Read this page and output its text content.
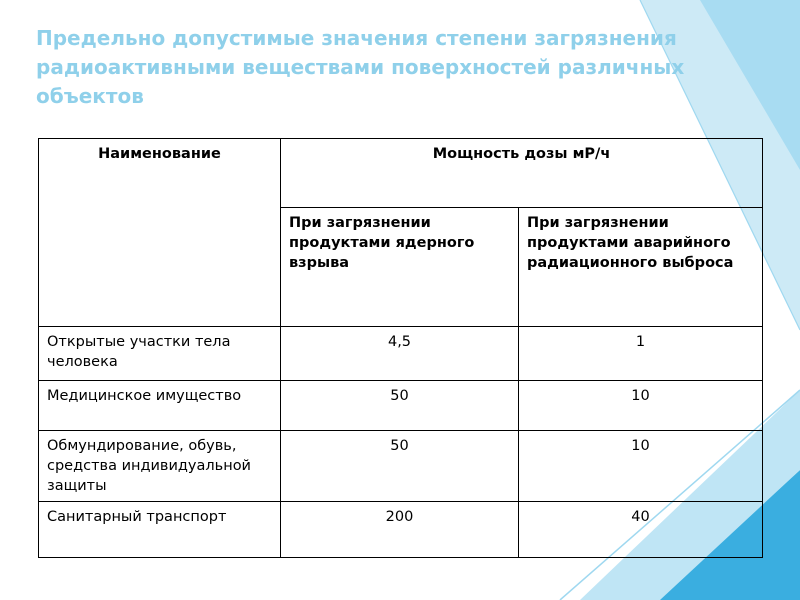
Предельно допустимые значения степени загрязнения радиоактивными веществами поверхностей различных объектов
Наименование	Мощность дозы мР/ч	
	При загрязнении продуктами ядерного взрыва	При загрязнении продуктами аварийного радиационного выброса
Открытые участки тела человека	4,5	1
Медицинское имущество	50	10
Обмундирование, обувь, средства индивидуальной защиты	50	10
Санитарный транспорт	200	40
